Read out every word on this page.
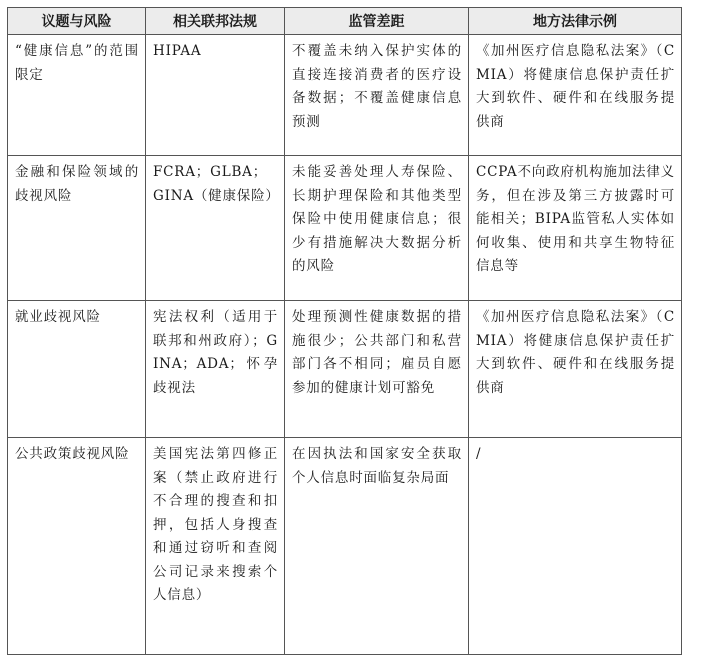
议题与风险	相关联邦法规	监管差距	地方法律示例
“健康信息”的范围限定	HIPAA	不覆盖未纳入保护实体的直接连接消费者的医疗设备数据；不覆盖健康信息预测	《加州医疗信息隐私法案》（CMIA）将健康信息保护责任扩大到软件、硬件和在线服务提供商
金融和保险领域的歧视风险	FCRA；GLBA；GINA（健康保险）	未能妥善处理人寿保险、长期护理保险和其他类型保险中使用健康信息；很少有措施解决大数据分析的风险	CCPA不向政府机构施加法律义务，但在涉及第三方披露时可能相关；BIPA监管私人实体如何收集、使用和共享生物特征信息等
就业歧视风险	宪法权利（适用于联邦和州政府）；GINA；ADA；怀孕歧视法	处理预测性健康数据的措施很少；公共部门和私营部门各不相同；雇员自愿参加的健康计划可豁免	《加州医疗信息隐私法案》（CMIA）将健康信息保护责任扩大到软件、硬件和在线服务提供商
公共政策歧视风险	美国宪法第四修正案（禁止政府进行不合理的搜查和扣押，包括人身搜查和通过窃听和查阅公司记录来搜索个人信息）	在因执法和国家安全获取个人信息时面临复杂局面	/
